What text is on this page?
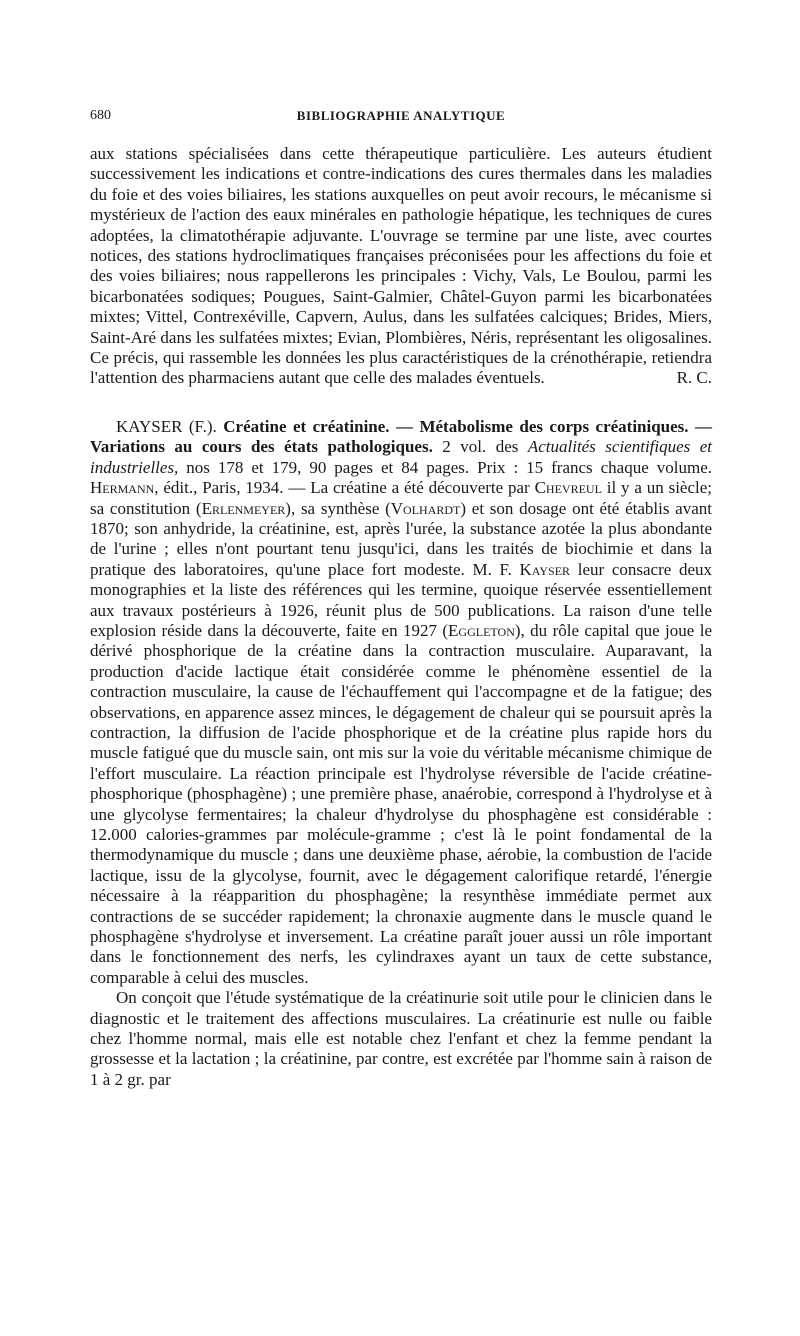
680	BIBLIOGRAPHIE ANALYTIQUE

aux stations spécialisées dans cette thérapeutique particulière. Les auteurs étudient successivement les indications et contre-indications des cures thermales dans les maladies du foie et des voies biliaires, les stations auxquelles on peut avoir recours, le mécanisme si mystérieux de l'action des eaux minérales en pathologie hépatique, les techniques de cures adoptées, la climatothérapie adjuvante. L'ouvrage se termine par une liste, avec courtes notices, des stations hydroclimatiques françaises préconisées pour les affections du foie et des voies biliaires; nous rappellerons les principales : Vichy, Vals, Le Boulou, parmi les bicarbonatées sodiques; Pougues, Saint-Galmier, Châtel-Guyon parmi les bicarbonatées mixtes; Vittel, Contrexéville, Capvern, Aulus, dans les sulfatées calciques; Brides, Miers, Saint-Aré dans les sulfatées mixtes; Evian, Plombières, Néris, représentant les oligosalines. Ce précis, qui rassemble les données les plus caractéristiques de la crénothérapie, retiendra l'attention des pharmaciens autant que celle des malades éventuels.	R. C.

KAYSER (F.). Créatine et créatinine. — Métabolisme des corps créatiniques. — Variations au cours des états pathologiques. 2 vol. des Actualités scientifiques et industrielles, nos 178 et 179, 90 pages et 84 pages. Prix : 15 francs chaque volume. Hermann, édit., Paris, 1934. — La créatine a été découverte par Chevreul il y a un siècle; sa constitution (Erlenmeyer), sa synthèse (Volhardt) et son dosage ont été établis avant 1870; son anhydride, la créatinine, est, après l'urée, la substance azotée la plus abondante de l'urine ; elles n'ont pourtant tenu jusqu'ici, dans les traités de biochimie et dans la pratique des laboratoires, qu'une place fort modeste. M. F. Kayser leur consacre deux monographies et la liste des références qui les termine, quoique réservée essentiellement aux travaux postérieurs à 1926, réunit plus de 500 publications. La raison d'une telle explosion réside dans la découverte, faite en 1927 (Eggleton), du rôle capital que joue le dérivé phosphorique de la créatine dans la contraction musculaire. Auparavant, la production d'acide lactique était considérée comme le phénomène essentiel de la contraction musculaire, la cause de l'échauffement qui l'accompagne et de la fatigue; des observations, en apparence assez minces, le dégagement de chaleur qui se poursuit après la contraction, la diffusion de l'acide phosphorique et de la créatine plus rapide hors du muscle fatigué que du muscle sain, ont mis sur la voie du véritable mécanisme chimique de l'effort musculaire. La réaction principale est l'hydrolyse réversible de l'acide créatine-phosphorique (phosphagène) ; une première phase, anaérobie, correspond à l'hydrolyse et à une glycolyse fermentaires; la chaleur d'hydrolyse du phosphagène est considérable : 12.000 calories-grammes par molécule-gramme ; c'est là le point fondamental de la thermodynamique du muscle ; dans une deuxième phase, aérobie, la combustion de l'acide lactique, issu de la glycolyse, fournit, avec le dégagement calorifique retardé, l'énergie nécessaire à la réapparition du phosphagène; la resynthèse immédiate permet aux contractions de se succéder rapidement; la chronaxie augmente dans le muscle quand le phosphagène s'hydrolyse et inversement. La créatine paraît jouer aussi un rôle important dans le fonctionnement des nerfs, les cylindraxes ayant un taux de cette substance, comparable à celui des muscles.

On conçoit que l'étude systématique de la créatinurie soit utile pour le clinicien dans le diagnostic et le traitement des affections musculaires. La créatinurie est nulle ou faible chez l'homme normal, mais elle est notable chez l'enfant et chez la femme pendant la grossesse et la lactation ; la créatinine, par contre, est excrétée par l'homme sain à raison de 1 à 2 gr. par
